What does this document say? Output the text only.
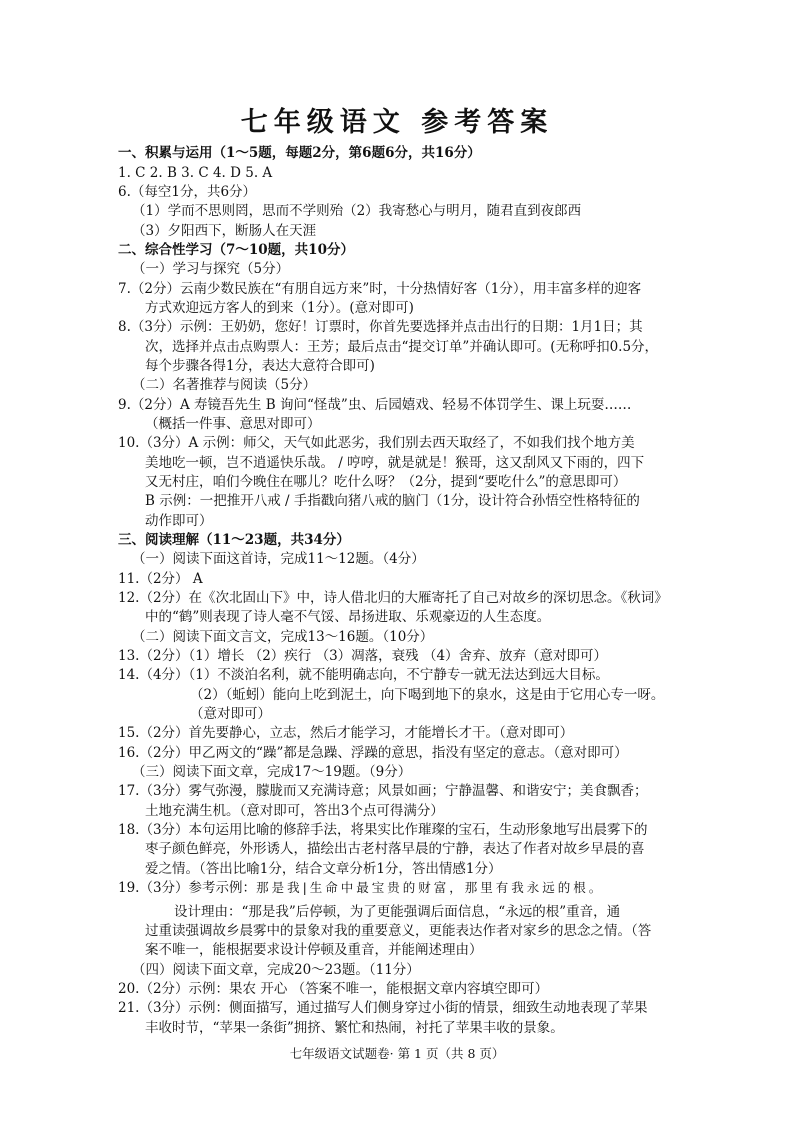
七年级语文 参考答案
一、积累与运用（1～5题，每题2分，第6题6分，共16分）
1. C 2. B 3. C 4. D 5. A
6.（每空1分，共6分）
（1）学而不思则罔，思而不学则殆（2）我寄愁心与明月，随君直到夜郎西
（3）夕阳西下，断肠人在天涯
二、综合性学习（7～10题，共10分）
（一）学习与探究（5分）
7.（2分）云南少数民族在“有朋自远方来”时，十分热情好客（1分），用丰富多样的迎客
方式欢迎远方客人的到来（1分）。(意对即可)
8.（3分）示例：王奶奶，您好！订票时，你首先要选择并点击出行的日期：1月1日；其
次，选择并点击点购票人：王芳；最后点击“提交订单”并确认即可。(无称呼扣0.5分，
每个步骤各得1分，表达大意符合即可)
（二）名著推荐与阅读（5分）
9.（2分）A 寿镜吾先生 B 询问“怪哉”虫、后园嬉戏、轻易不体罚学生、课上玩耍……
（概括一件事、意思对即可）
10.（3分）A 示例：师父，天气如此恶劣，我们别去西天取经了，不如我们找个地方美
美地吃一顿，岂不逍遥快乐哉。 / 哼哼，就是就是！猴哥，这又刮风又下雨的，四下
又无村庄，咱们今晚住在哪儿？吃什么呀？（2分，提到“要吃什么”的意思即可）
B 示例：一把推开八戒 / 手指戳向猪八戒的脑门（1分，设计符合孙悟空性格特征的
动作即可）
三、阅读理解（11～23题，共34分）
（一）阅读下面这首诗，完成11～12题。（4分）
11.（2分） A
12.（2分）在《次北固山下》中，诗人借北归的大雁寄托了自己对故乡的深切思念。《秋词》
中的“鹤”则表现了诗人毫不气馁、昂扬进取、乐观豪迈的人生态度。
（二）阅读下面文言文，完成13～16题。（10分）
13.（2分）（1）增长 （2）疾行 （3）凋落，衰残 （4）舍弃、放弃（意对即可）
14.（4分）（1）不淡泊名利，就不能明确志向，不宁静专一就无法达到远大目标。
（2）（蚯蚓）能向上吃到泥土，向下喝到地下的泉水，这是由于它用心专一呀。
（意对即可）
15.（2分）首先要静心，立志，然后才能学习，才能增长才干。（意对即可）
16.（2分）甲乙两文的“躁”都是急躁、浮躁的意思，指没有坚定的意志。（意对即可）
（三）阅读下面文章，完成17～19题。（9分）
17.（3分）雾气弥漫，朦胧而又充满诗意；风景如画；宁静温馨、和谐安宁；美食飘香；
土地充满生机。（意对即可，答出3个点可得满分）
18.（3分）本句运用比喻的修辞手法，将果实比作璀璨的宝石，生动形象地写出晨雾下的
枣子颜色鲜亮，外形诱人，描绘出古老村落早晨的宁静，表达了作者对故乡早晨的喜
爱之情。（答出比喻1分，结合文章分析1分，答出情感1分）
19.（3分）参考示例：那是我|生命中最宝贵的财富，那里有我永远的根。
设计理由：“那是我”后停顿，为了更能强调后面信息，“永远的根”重音，通
过重读强调故乡晨雾中的景象对我的重要意义，更能表达作者对家乡的思念之情。（答
案不唯一，能根据要求设计停顿及重音，并能阐述理由）
（四）阅读下面文章，完成20～23题。（11分）
20.（2分）示例：果农 开心 （答案不唯一，能根据文章内容填空即可）
21.（3分）示例：侧面描写，通过描写人们侧身穿过小街的情景，细致生动地表现了苹果
丰收时节，“苹果一条街”拥挤、繁忙和热闹，衬托了苹果丰收的景象。
七年级语文试题卷· 第 1 页（共 8 页）
